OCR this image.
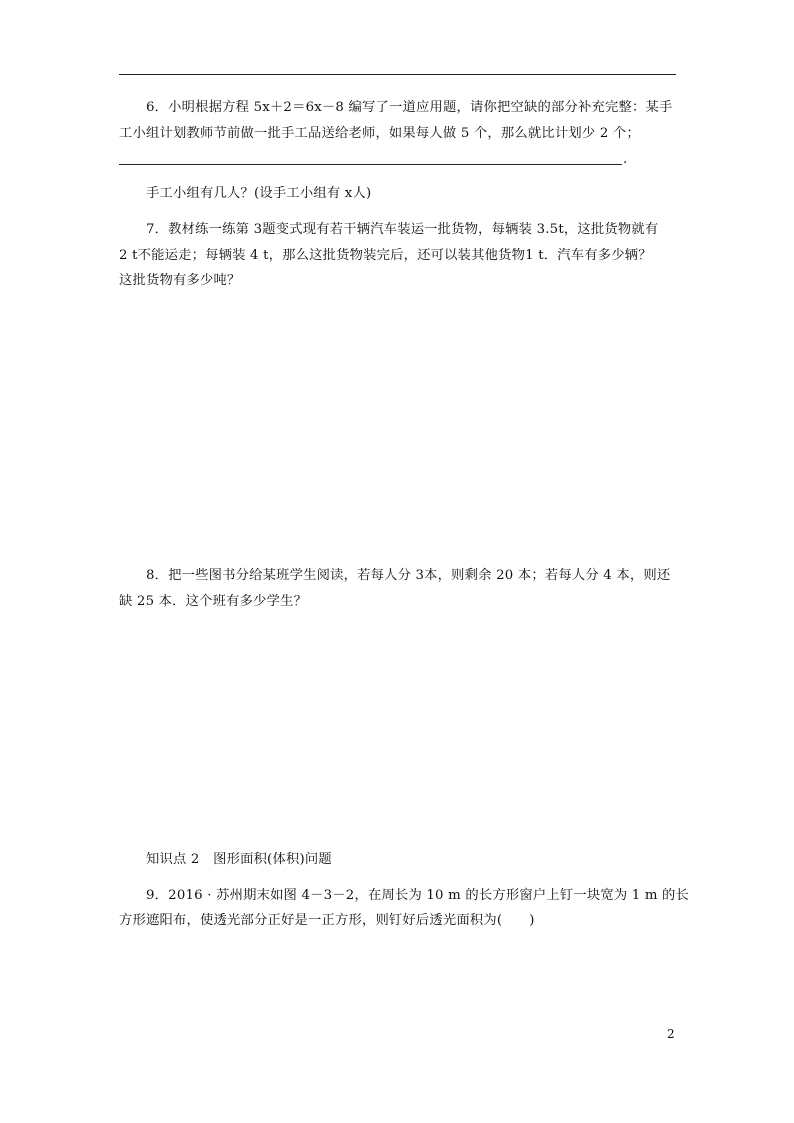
6．小明根据方程 5x＋2＝6x－8 编写了一道应用题，请你把空缺的部分补充完整：某手
工小组计划教师节前做一批手工品送给老师，如果每人做 5 个，那么就比计划少 2 个；
.
手工小组有几人？(设手工小组有 x人)
7．教材练一练第 3题变式现有若干辆汽车装运一批货物，每辆装 3.5t，这批货物就有
2 t不能运走；每辆装 4 t，那么这批货物装完后，还可以装其他货物1 t．汽车有多少辆？
这批货物有多少吨？
8．把一些图书分给某班学生阅读，若每人分 3本，则剩余 20 本；若每人分 4 本，则还
缺 25 本．这个班有多少学生？
知识点 2　图形面积(体积)问题
9．2016 · 苏州期末如图 4－3－2，在周长为 10 m 的长方形窗户上钉一块宽为 1 m 的长
方形遮阳布，使透光部分正好是一正方形，则钉好后透光面积为(　　)
2
